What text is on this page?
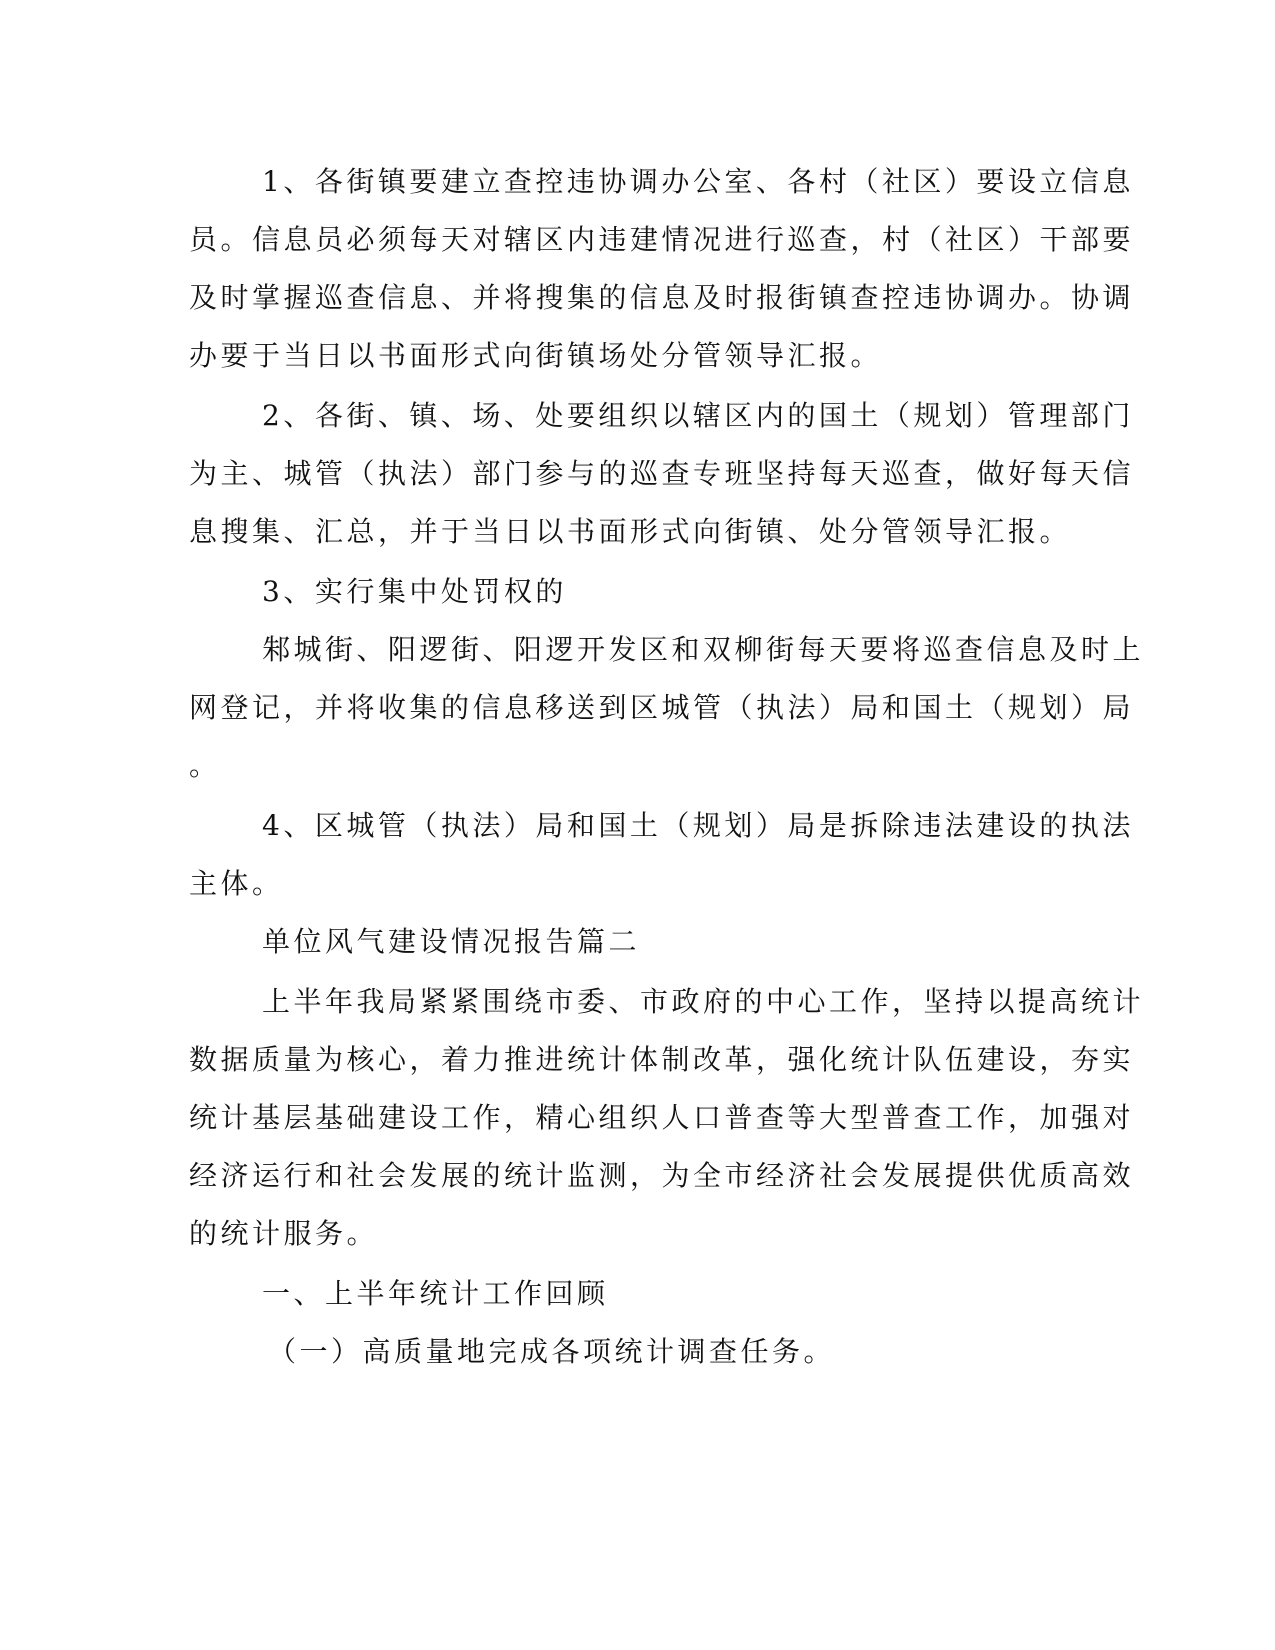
1、各街镇要建立查控违协调办公室、各村（社区）要设立信息

员。信息员必须每天对辖区内违建情况进行巡查，村（社区）干部要

及时掌握巡查信息、并将搜集的信息及时报街镇查控违协调办。协调

办要于当日以书面形式向街镇场处分管领导汇报。

2、各街、镇、场、处要组织以辖区内的国土（规划）管理部门

为主、城管（执法）部门参与的巡查专班坚持每天巡查，做好每天信

息搜集、汇总，并于当日以书面形式向街镇、处分管领导汇报。

3、实行集中处罚权的

邾城街、阳逻街、阳逻开发区和双柳街每天要将巡查信息及时上

网登记，并将收集的信息移送到区城管（执法）局和国土（规划）局

。

4、区城管（执法）局和国土（规划）局是拆除违法建设的执法

主体。

单位风气建设情况报告篇二

上半年我局紧紧围绕市委、市政府的中心工作，坚持以提高统计

数据质量为核心，着力推进统计体制改革，强化统计队伍建设，夯实

统计基层基础建设工作，精心组织人口普查等大型普查工作，加强对

经济运行和社会发展的统计监测，为全市经济社会发展提供优质高效

的统计服务。

一、上半年统计工作回顾

（一）高质量地完成各项统计调查任务。
